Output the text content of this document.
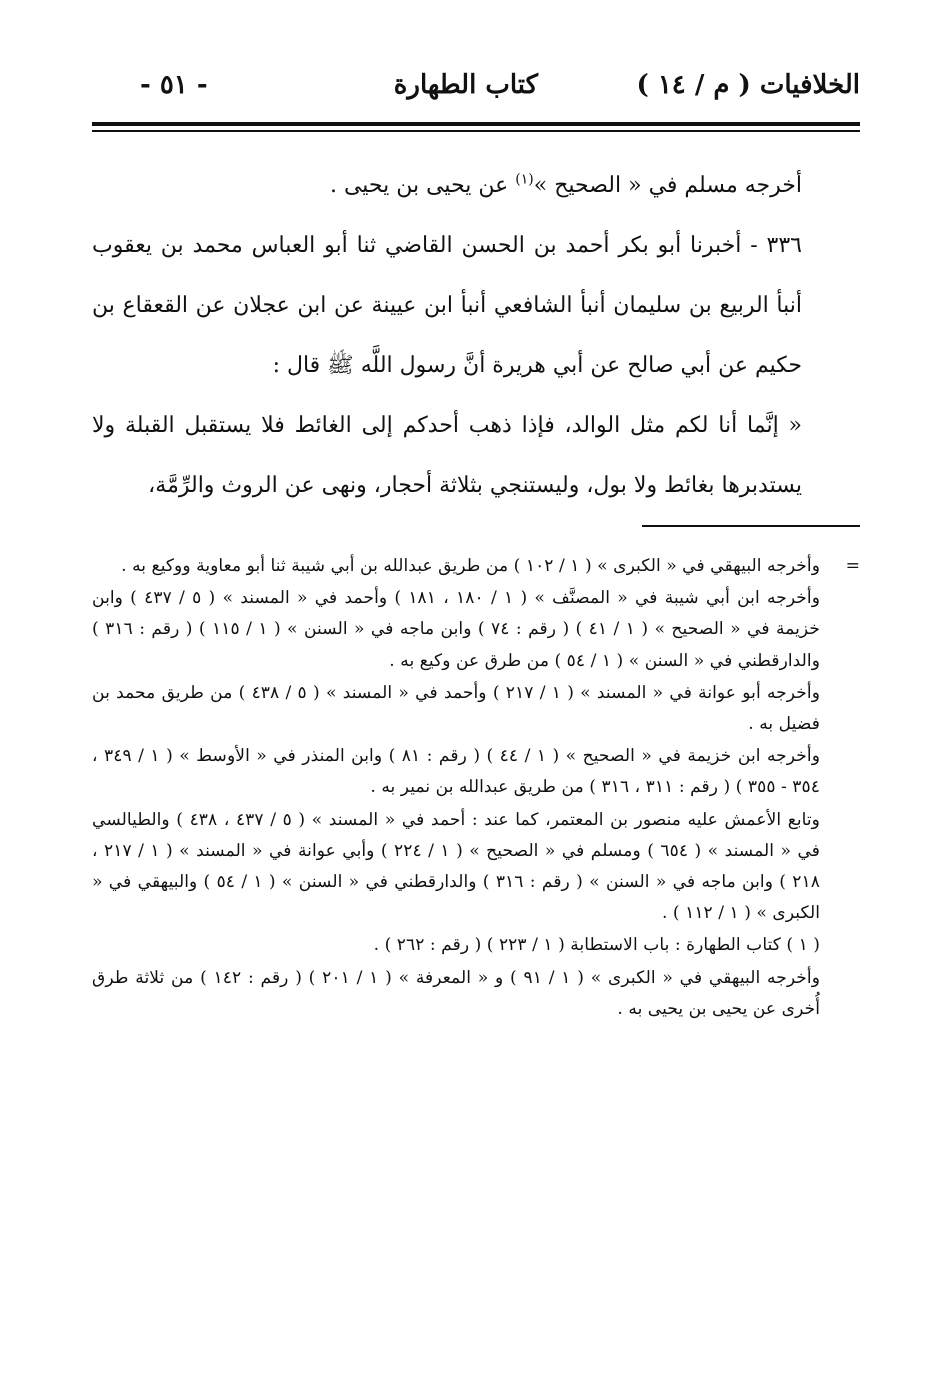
الخلافيات ( م / ١٤ )
كتاب الطهارة
- ٥١ -

أخرجه مسلم في « الصحيح »$^{(١)}$ عن يحيى بن يحيى .

٣٣٦ - أخبرنا أبو بكر أحمد بن الحسن القاضي ثنا أبو العباس محمد بن يعقوب أنبأ الربيع بن سليمان أنبأ الشافعي أنبأ ابن عيينة عن ابن عجلان عن القعقاع بن حكيم عن أبي صالح عن أبي هريرة أنَّ رسول اللَّه ﷺ قال :

« إنَّما أنا لكم مثل الوالد، فإذا ذهب أحدكم إلى الغائط فلا يستقبل القبلة ولا يستدبرها بغائط ولا بول، وليستنجي بثلاثة أحجار، ونهى عن الروث والرِّمَّة،

=
وأخرجه البيهقي في « الكبرى » ( ١ / ١٠٢ ) من طريق عبدالله بن أبي شيبة ثنا أبو معاوية ووكيع به .

وأخرجه ابن أبي شيبة في « المصنَّف » ( ١ / ١٨٠ ، ١٨١ ) وأحمد في « المسند » ( ٥ / ٤٣٧ ) وابن خزيمة في « الصحيح » ( ١ / ٤١ ) ( رقم : ٧٤ ) وابن ماجه في « السنن » ( ١ / ١١٥ ) ( رقم : ٣١٦ ) والدارقطني في « السنن » ( ١ / ٥٤ ) من طرق عن وكيع به .

وأخرجه أبو عوانة في « المسند » ( ١ / ٢١٧ ) وأحمد في « المسند » ( ٥ / ٤٣٨ ) من طريق محمد بن فضيل به .

وأخرجه ابن خزيمة في « الصحيح » ( ١ / ٤٤ ) ( رقم : ٨١ ) وابن المنذر في « الأوسط » ( ١ / ٣٤٩ ، ٣٥٤ - ٣٥٥ ) ( رقم : ٣١١ ، ٣١٦ ) من طريق عبدالله بن نمير به .

وتابع الأعمش عليه منصور بن المعتمر، كما عند : أحمد في « المسند » ( ٥ / ٤٣٧ ، ٤٣٨ ) والطيالسي في « المسند » ( ٦٥٤ ) ومسلم في « الصحيح » ( ١ / ٢٢٤ ) وأبي عوانة في « المسند » ( ١ / ٢١٧ ، ٢١٨ ) وابن ماجه في « السنن » ( رقم : ٣١٦ ) والدارقطني في « السنن » ( ١ / ٥٤ ) والبيهقي في « الكبرى » ( ١ / ١١٢ ) .

( ١ ) كتاب الطهارة : باب الاستطابة ( ١ / ٢٢٣ ) ( رقم : ٢٦٢ ) .

وأخرجه البيهقي في « الكبرى » ( ١ / ٩١ ) و « المعرفة » ( ١ / ٢٠١ ) ( رقم : ١٤٢ ) من ثلاثة طرق أُخرى عن يحيى بن يحيى به .
